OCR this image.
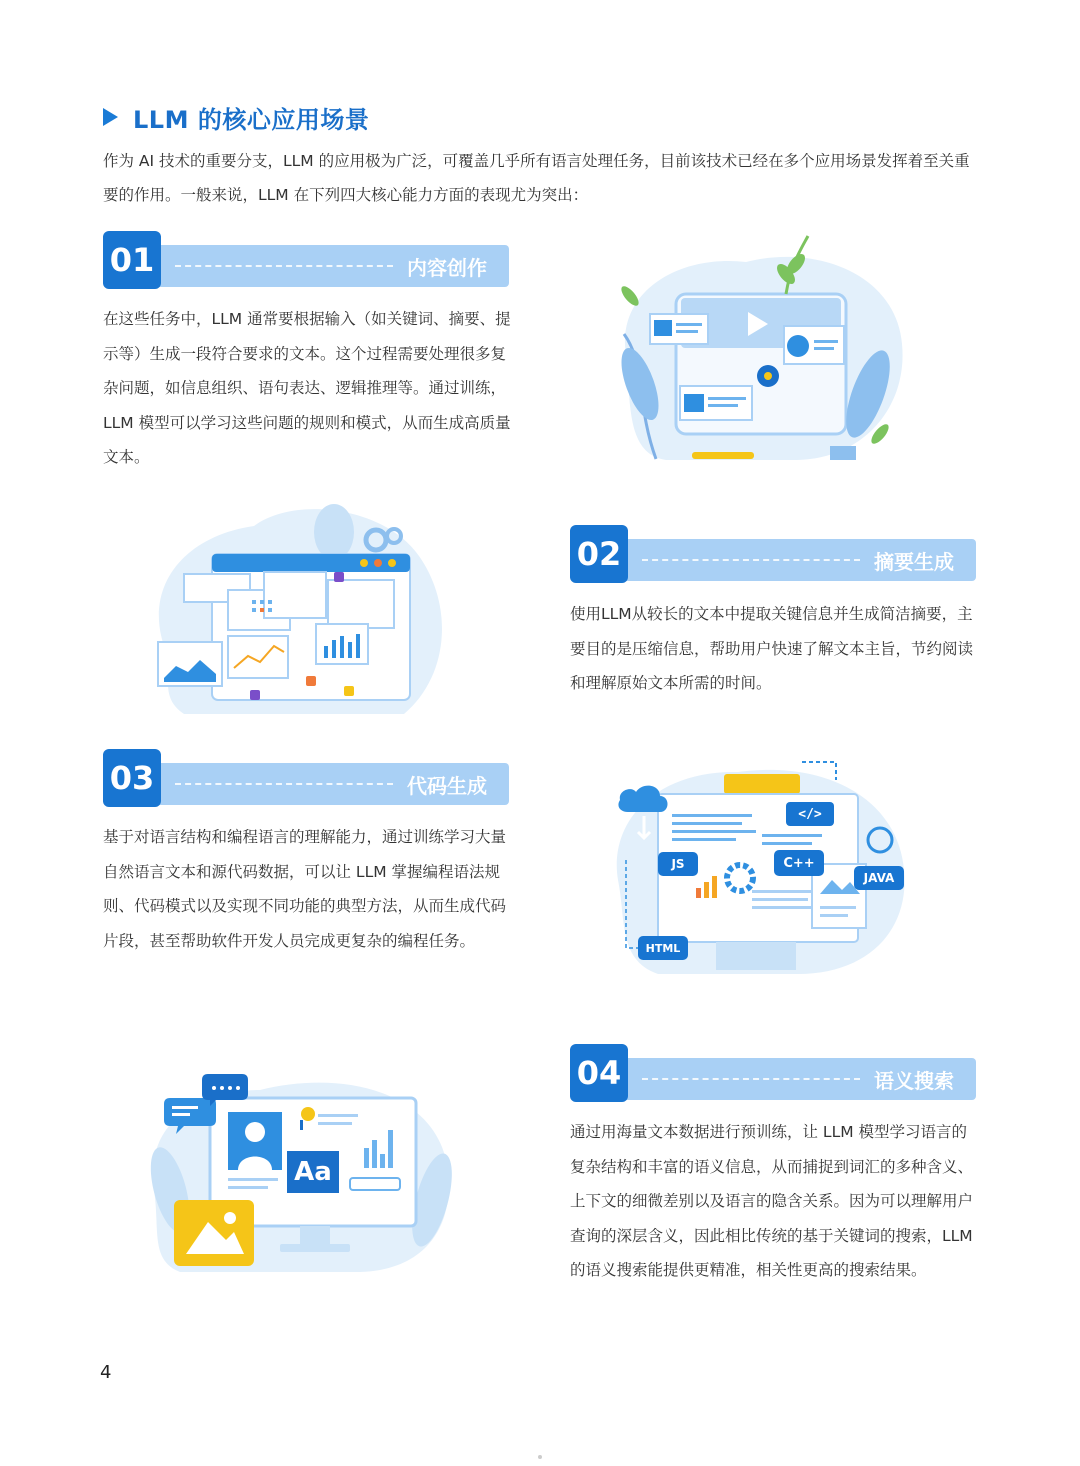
LLM 的核心应用场景

作为 AI 技术的重要分支，LLM 的应用极为广泛，可覆盖几乎所有语言处理任务，目前该技术已经在多个应用场景发挥着至关重要的作用。一般来说，LLM 在下列四大核心能力方面的表现尤为突出：

01	内容创作

在这些任务中，LLM 通常要根据输入（如关键词、摘要、提示等）生成一段符合要求的文本。这个过程需要处理很多复杂问题，如信息组织、语句表达、逻辑推理等。通过训练，LLM 模型可以学习这些问题的规则和模式，从而生成高质量文本。

02	摘要生成

使用LLM从较长的文本中提取关键信息并生成简洁摘要，主要目的是压缩信息，帮助用户快速了解文本主旨，节约阅读和理解原始文本所需的时间。

03	代码生成

基于对语言结构和编程语言的理解能力，通过训练学习大量自然语言文本和源代码数据，可以让 LLM 掌握编程语法规则、代码模式以及实现不同功能的典型方法，从而生成代码片段，甚至帮助软件开发人员完成更复杂的编程任务。

</>
JS	C++
JAVA
HTML
04	语义搜索

通过用海量文本数据进行预训练，让 LLM 模型学习语言的复杂结构和丰富的语义信息，从而捕捉到词汇的多种含义、上下文的细微差别以及语言的隐含关系。因为可以理解用户查询的深层含义，因此相比传统的基于关键词的搜索，LLM 的语义搜索能提供更精准，相关性更高的搜索结果。

Aa
4
